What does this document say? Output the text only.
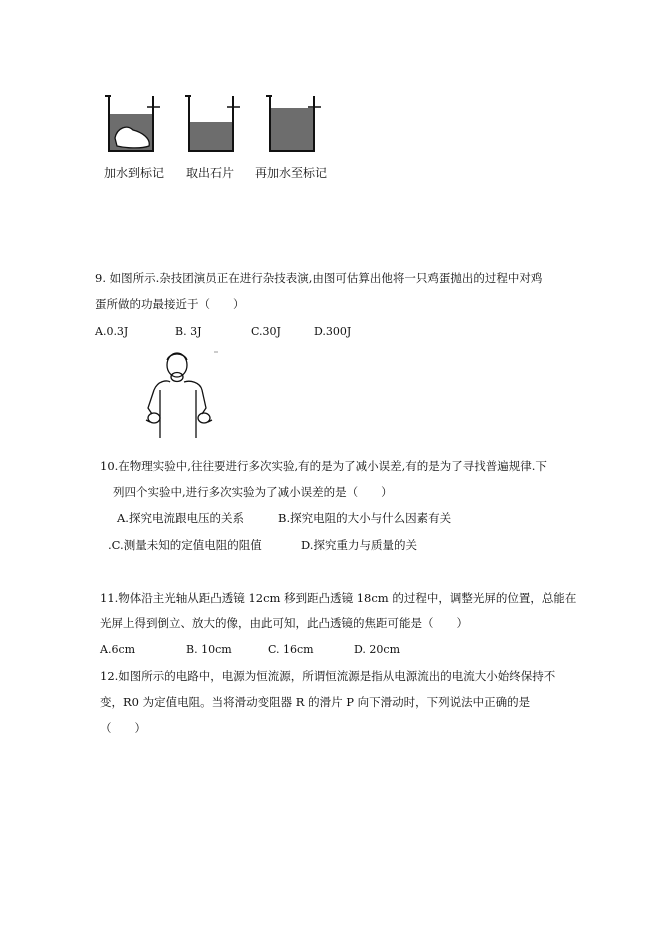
加水到标记 取出石片 再加水至标记
9. 如图所示.杂技团演员正在进行杂技表演,由图可估算出他将一只鸡蛋抛出的过程中对鸡
蛋所做的功最接近于（　　）
A.0.3J	B. 3J	C.30J	D.300J
10.在物理实验中,往往要进行多次实验,有的是为了减小误差,有的是为了寻找普遍规律.下
列四个实验中,进行多次实验为了减小误差的是（　　）
A.探究电流跟电压的关系	B.探究电阻的大小与什么因素有关
.C.测量未知的定值电阻的阻值	D.探究重力与质量的关
11.物体沿主光轴从距凸透镜 12cm 移到距凸透镜 18cm 的过程中，调整光屏的位置，总能在
光屏上得到倒立、放大的像，由此可知，此凸透镜的焦距可能是（　　）
A.6cm	B. 10cm	C. 16cm	D. 20cm
12.如图所示的电路中，电源为恒流源，所谓恒流源是指从电源流出的电流大小始终保持不
变，R0 为定值电阻。当将滑动变阻器 R 的滑片 P 向下滑动时，下列说法中正确的是
（　　）
